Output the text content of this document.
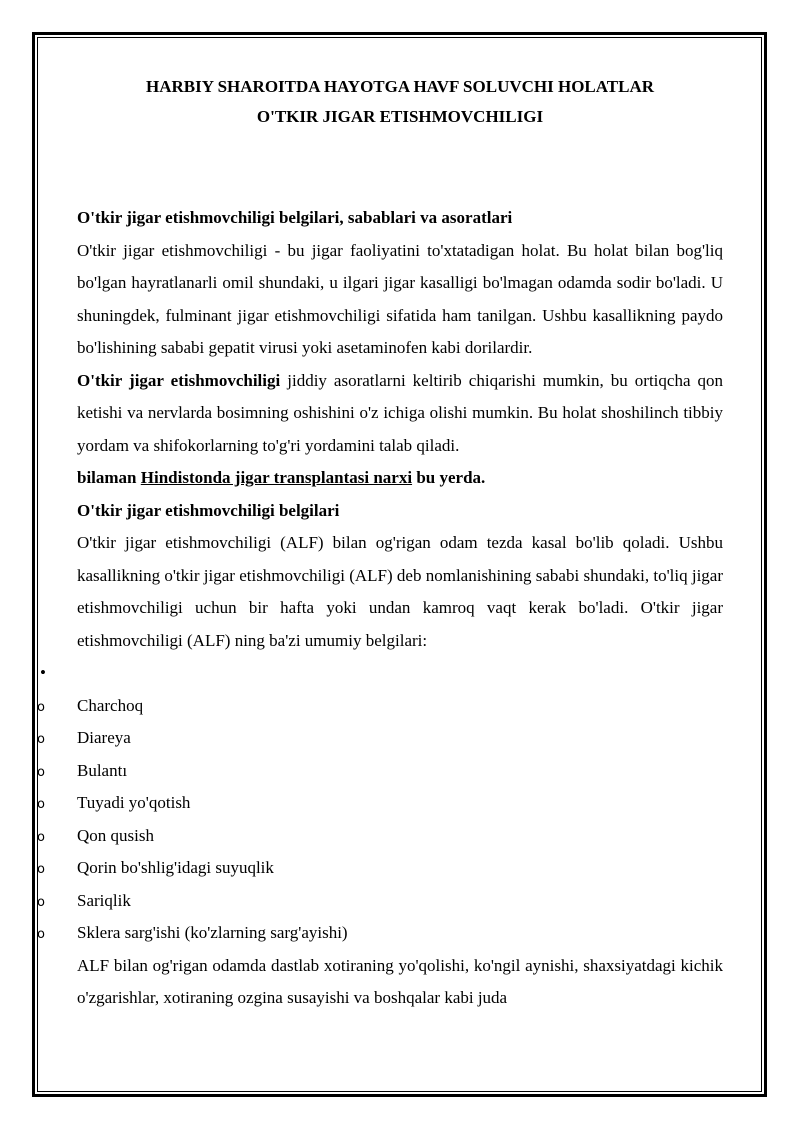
HARBIY SHAROITDA HAYOTGA HAVF SOLUVCHI HOLATLAR
O'TKIR JIGAR ETISHMOVCHILIGI

O'tkir jigar etishmovchiligi belgilari, sabablari va asoratlari

O'tkir jigar etishmovchiligi - bu jigar faoliyatini to'xtatadigan holat. Bu holat bilan bog'liq bo'lgan hayratlanarli omil shundaki, u ilgari jigar kasalligi bo'lmagan odamda sodir bo'ladi. U shuningdek, fulminant jigar etishmovchiligi sifatida ham tanilgan. Ushbu kasallikning paydo bo'lishining sababi gepatit virusi yoki asetaminofen kabi dorilardir.

O'tkir jigar etishmovchiligi jiddiy asoratlarni keltirib chiqarishi mumkin, bu ortiqcha qon ketishi va nervlarda bosimning oshishini o'z ichiga olishi mumkin. Bu holat shoshilinch tibbiy yordam va shifokorlarning to'g'ri yordamini talab qiladi.

bilaman Hindistonda jigar transplantasi narxi bu yerda.

O'tkir jigar etishmovchiligi belgilari

O'tkir jigar etishmovchiligi (ALF) bilan og'rigan odam tezda kasal bo'lib qoladi. Ushbu kasallikning o'tkir jigar etishmovchiligi (ALF) deb nomlanishining sababi shundaki, to'liq jigar etishmovchiligi uchun bir hafta yoki undan kamroq vaqt kerak bo'ladi. O'tkir jigar etishmovchiligi (ALF) ning ba'zi umumiy belgilari:

•
o Charchoq
o Diareya
o Bulantı
o Tuyadi yo'qotish
o Qon qusish
o Qorin bo'shlig'idagi suyuqlik
o Sariqlik
o Sklera sarg'ishi (ko'zlarning sarg'ayishi)

ALF bilan og'rigan odamda dastlab xotiraning yo'qolishi, ko'ngil aynishi, shaxsiyatdagi kichik o'zgarishlar, xotiraning ozgina susayishi va boshqalar kabi juda
